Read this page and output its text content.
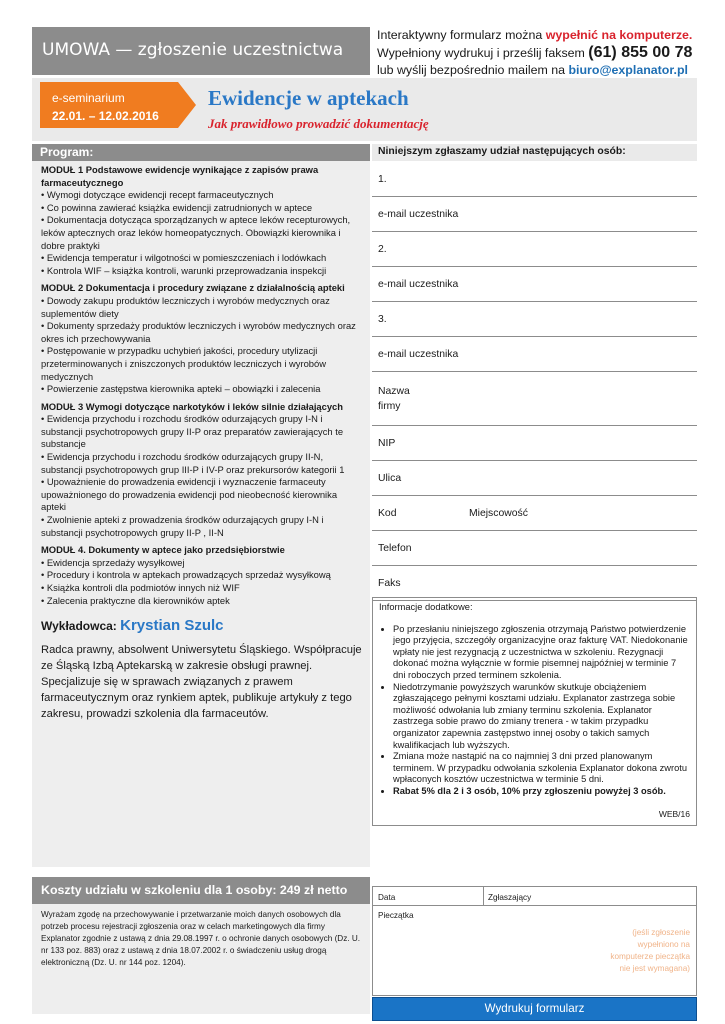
UMOWA — zgłoszenie uczestnictwa
Interaktywny formularz można wypełnić na komputerze.
Wypełniony wydrukuj i prześlij faksem (61) 855 00 78
lub wyślij bezpośrednio mailem na biuro@explanator.pl
e-seminarium
22.01. – 12.02.2016
Ewidencje w aptekach
Jak prawidłowo prowadzić dokumentację
Program:
MODUŁ 1 Podstawowe ewidencje wynikające z zapisów prawa farmaceutycznego
• Wymogi dotyczące ewidencji recept farmaceutycznych
• Co powinna zawierać książka ewidencji zatrudnionych w aptece
• Dokumentacja dotycząca sporządzanych w aptece leków recepturowych, leków aptecznych oraz leków homeopatycznych. Obowiązki kierownika i dobre praktyki
• Ewidencja temperatur i wilgotności w pomieszczeniach i lodówkach
• Kontrola WIF – książka kontroli, warunki przeprowadzania inspekcji
MODUŁ 2 Dokumentacja i procedury związane z działalnością apteki
• Dowody zakupu produktów leczniczych i wyrobów medycznych oraz suplementów diety
• Dokumenty sprzedaży produktów leczniczych i wyrobów medycznych oraz okres ich przechowywania
• Postępowanie w przypadku uchybień jakości, procedury utylizacji przeterminowanych i zniszczonych produktów leczniczych i wyrobów medycznych
• Powierzenie zastępstwa kierownika apteki – obowiązki i zalecenia
MODUŁ 3 Wymogi dotyczące narkotyków i leków silnie działających
• Ewidencja przychodu i rozchodu środków odurzających grupy I-N i substancji psychotropowych grupy II-P oraz preparatów zawierających te substancje
• Ewidencja przychodu i rozchodu środków odurzających grupy II-N, substancji psychotropowych grup III-P i IV-P oraz prekursorów kategorii 1
• Upoważnienie do prowadzenia ewidencji i wyznaczenie farmaceuty upoważnionego do prowadzenia ewidencji pod nieobecność kierownika apteki
• Zwolnienie apteki z prowadzenia środków odurzających grupy I-N i substancji psychotropowych grupy II-P , II-N
MODUŁ 4. Dokumenty w aptece jako przedsiębiorstwie
• Ewidencja sprzedaży wysyłkowej
• Procedury i kontrola w aptekach prowadzących sprzedaż wysyłkową
• Książka kontroli dla podmiotów innych niż WIF
• Zalecenia praktyczne dla kierowników aptek
Wykładowca: Krystian Szulc
Radca prawny, absolwent Uniwersytetu Śląskiego. Współpracuje ze Śląską Izbą Aptekarską w zakresie obsługi prawnej. Specjalizuje się w sprawach związanych z prawem farmaceutycznym oraz rynkiem aptek, publikuje artykuły z tego zakresu, prowadzi szkolenia dla farmaceutów.
Koszty udziału w szkoleniu dla 1 osoby: 249 zł netto
Wyrażam zgodę na przechowywanie i przetwarzanie moich danych osobowych dla potrzeb procesu rejestracji zgłoszenia oraz w celach marketingowych dla firmy Explanator zgodnie z ustawą z dnia 29.08.1997 r. o ochronie danych osobowych (Dz. U. nr 133 poz. 883) oraz z ustawą z dnia 18.07.2002 r. o świadczeniu usług drogą elektroniczną (Dz. U. nr 144 poz. 1204).
Niniejszym zgłaszamy udział następujących osób:
1.
e-mail uczestnika
2.
e-mail uczestnika
3.
e-mail uczestnika
Nazwa
firmy
NIP
Ulica
Kod	Miejscowość
Telefon
Faks
Informacje dodatkowe:
• Po przesłaniu niniejszego zgłoszenia otrzymają Państwo potwierdzenie jego przyjęcia, szczegóły organizacyjne oraz fakturę VAT. Niedokonanie wpłaty nie jest rezygnacją z uczestnictwa w szkoleniu. Rezygnacji dokonać można wyłącznie w formie pisemnej najpóźniej w terminie 7 dni roboczych przed terminem szkolenia.
• Niedotrzymanie powyższych warunków skutkuje obciążeniem zgłaszającego pełnymi kosztami udziału. Explanator zastrzega sobie możliwość odwołania lub zmiany terminu szkolenia. Explanator zastrzega sobie prawo do zmiany trenera - w takim przypadku organizator zapewnia zastępstwo innej osoby o takich samych kwalifikacjach lub wyższych.
• Zmiana może nastąpić na co najmniej 3 dni przed planowanym terminem. W przypadku odwołania szkolenia Explanator dokona zwrotu wpłaconych kosztów uczestnictwa w terminie 5 dni.
• Rabat 5% dla 2 i 3 osób, 10% przy zgłoszeniu powyżej 3 osób.
WEB/16
Data	Zgłaszający
Pieczątka
(jeśli zgłoszenie wypełniono na komputerze pieczątka nie jest wymagana)
Wydrukuj formularz
